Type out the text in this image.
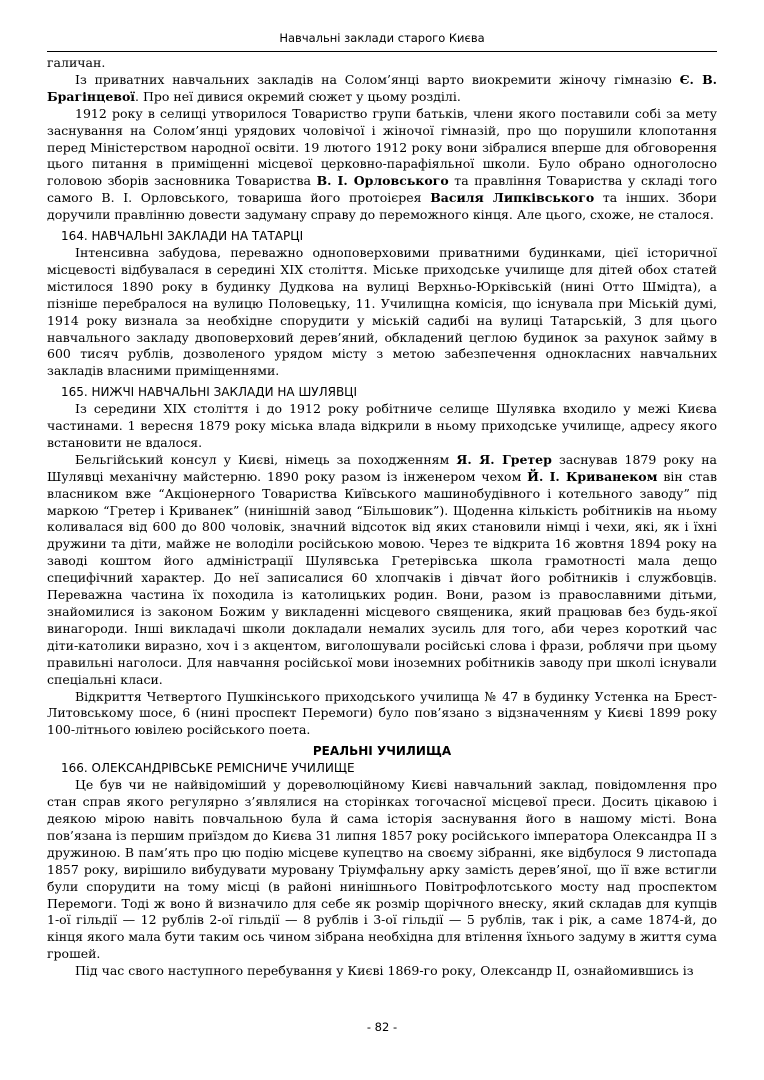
Навчальні заклади старого Києва

галичан.

Із приватних навчальних закладів на Солом’янці варто виокремити жіночу гімназію Є. В. Брагінцевої. Про неї дивися окремий сюжет у цьому розділі.

1912 року в селищі утворилося Товариство групи батьків, члени якого поставили собі за мету заснування на Солом’янці урядових чоловічої і жіночої гімназій, про що порушили клопотання перед Міністерством народної освіти. 19 лютого 1912 року вони зібралися вперше для обговорення цього питання в приміщенні місцевої церковно-парафіяльної школи. Було обрано одноголосно головою зборів засновника Товариства В. І. Орловського та правління Товариства у складі того самого В. І. Орловського, товариша його протоієрея Василя Липківського та інших. Збори доручили правлінню довести задуману справу до переможного кінця. Але цього, схоже, не сталося.

164. НАВЧАЛЬНІ ЗАКЛАДИ НА ТАТАРЦІ

Інтенсивна забудова, переважно одноповерховими приватними будинками, цієї історичної місцевості відбувалася в середині ХІХ століття. Міське приходське училище для дітей обох статей містилося 1890 року в будинку Дудкова на вулиці Верхньо-Юрківській (нині Отто Шмідта), а пізніше перебралося на вулицю Половецьку, 11. Училищна комісія, що існувала при Міській думі, 1914 року визнала за необхідне спорудити у міській садибі на вулиці Татарській, 3 для цього навчального закладу двоповерховий дерев’яний, обкладений цеглою будинок за рахунок займу в 600 тисяч рублів, дозволеного урядом місту з метою забезпечення однокласних навчальних закладів власними приміщеннями.

165. НИЖЧІ НАВЧАЛЬНІ ЗАКЛАДИ НА ШУЛЯВЦІ

Із середини ХІХ століття і до 1912 року робітниче селище Шулявка входило у межі Києва частинами. 1 вересня 1879 року міська влада відкрили в ньому приходське училище, адресу якого встановити не вдалося.

Бельгійський консул у Києві, німець за походженням Я. Я. Гретер заснував 1879 року на Шулявці механічну майстерню. 1890 року разом із інженером чехом Й. І. Криванеком він став власником вже “Акціонерного Товариства Київського машинобудівного і котельного заводу” під маркою “Гретер і Криванек” (нинішній завод “Більшовик”). Щоденна кількість робітників на ньому коливалася від 600 до 800 чоловік, значний відсоток від яких становили німці і чехи, які, як і їхні дружини та діти, майже не володіли російською мовою. Через те відкрита 16 жовтня 1894 року на заводі коштом його адміністрації Шулявська Гретерівська школа грамотності мала дещо специфічний характер. До неї записалися 60 хлопчаків і дівчат його робітників і службовців. Переважна частина їх походила із католицьких родин. Вони, разом із православними дітьми, знайомилися із законом Божим у викладенні місцевого священика, який працював без будь-якої винагороди. Інші викладачі школи докладали немалих зусиль для того, аби через короткий час діти-католики виразно, хоч і з акцентом, виголошували російські слова і фрази, роблячи при цьому правильні наголоси. Для навчання російської мови іноземних робітників заводу при школі існували спеціальні класи.

Відкриття Четвертого Пушкінського приходського училища № 47 в будинку Устенка на Брест-Литовському шосе, 6 (нині проспект Перемоги) було пов’язано з відзначенням у Києві 1899 року 100-літнього ювілею російського поета.

РЕАЛЬНІ УЧИЛИЩА
166. ОЛЕКСАНДРІВСЬКЕ РЕМІСНИЧЕ УЧИЛИЩЕ

Це був чи не найвідоміший у дореволюційному Києві навчальний заклад, повідомлення про стан справ якого регулярно з’являлися на сторінках тогочасної місцевої преси. Досить цікавою і деякою мірою навіть повчальною була й сама історія заснування його в нашому місті. Вона пов’язана із першим приїздом до Києва 31 липня 1857 року російського імператора Олександра ІІ з дружиною. В пам’ять про цю подію місцеве купецтво на своєму зібранні, яке відбулося 9 листопада 1857 року, вирішило вибудувати муровану Тріумфальну арку замість дерев’яної, що її вже встигли були спорудити на тому місці (в районі нинішнього Повітрофлотського мосту над проспектом Перемоги. Тоді ж воно й визначило для себе як розмір щорічного внеску, який складав для купців 1-ої гільдії — 12 рублів 2-ої гільдії — 8 рублів і 3-ої гільдії — 5 рублів, так і рік, а саме 1874-й, до кінця якого мала бути таким ось чином зібрана необхідна для втілення їхнього задуму в життя сума грошей.

Під час свого наступного перебування у Києві 1869-го року, Олександр ІІ, ознайомившись із

- 82 -
